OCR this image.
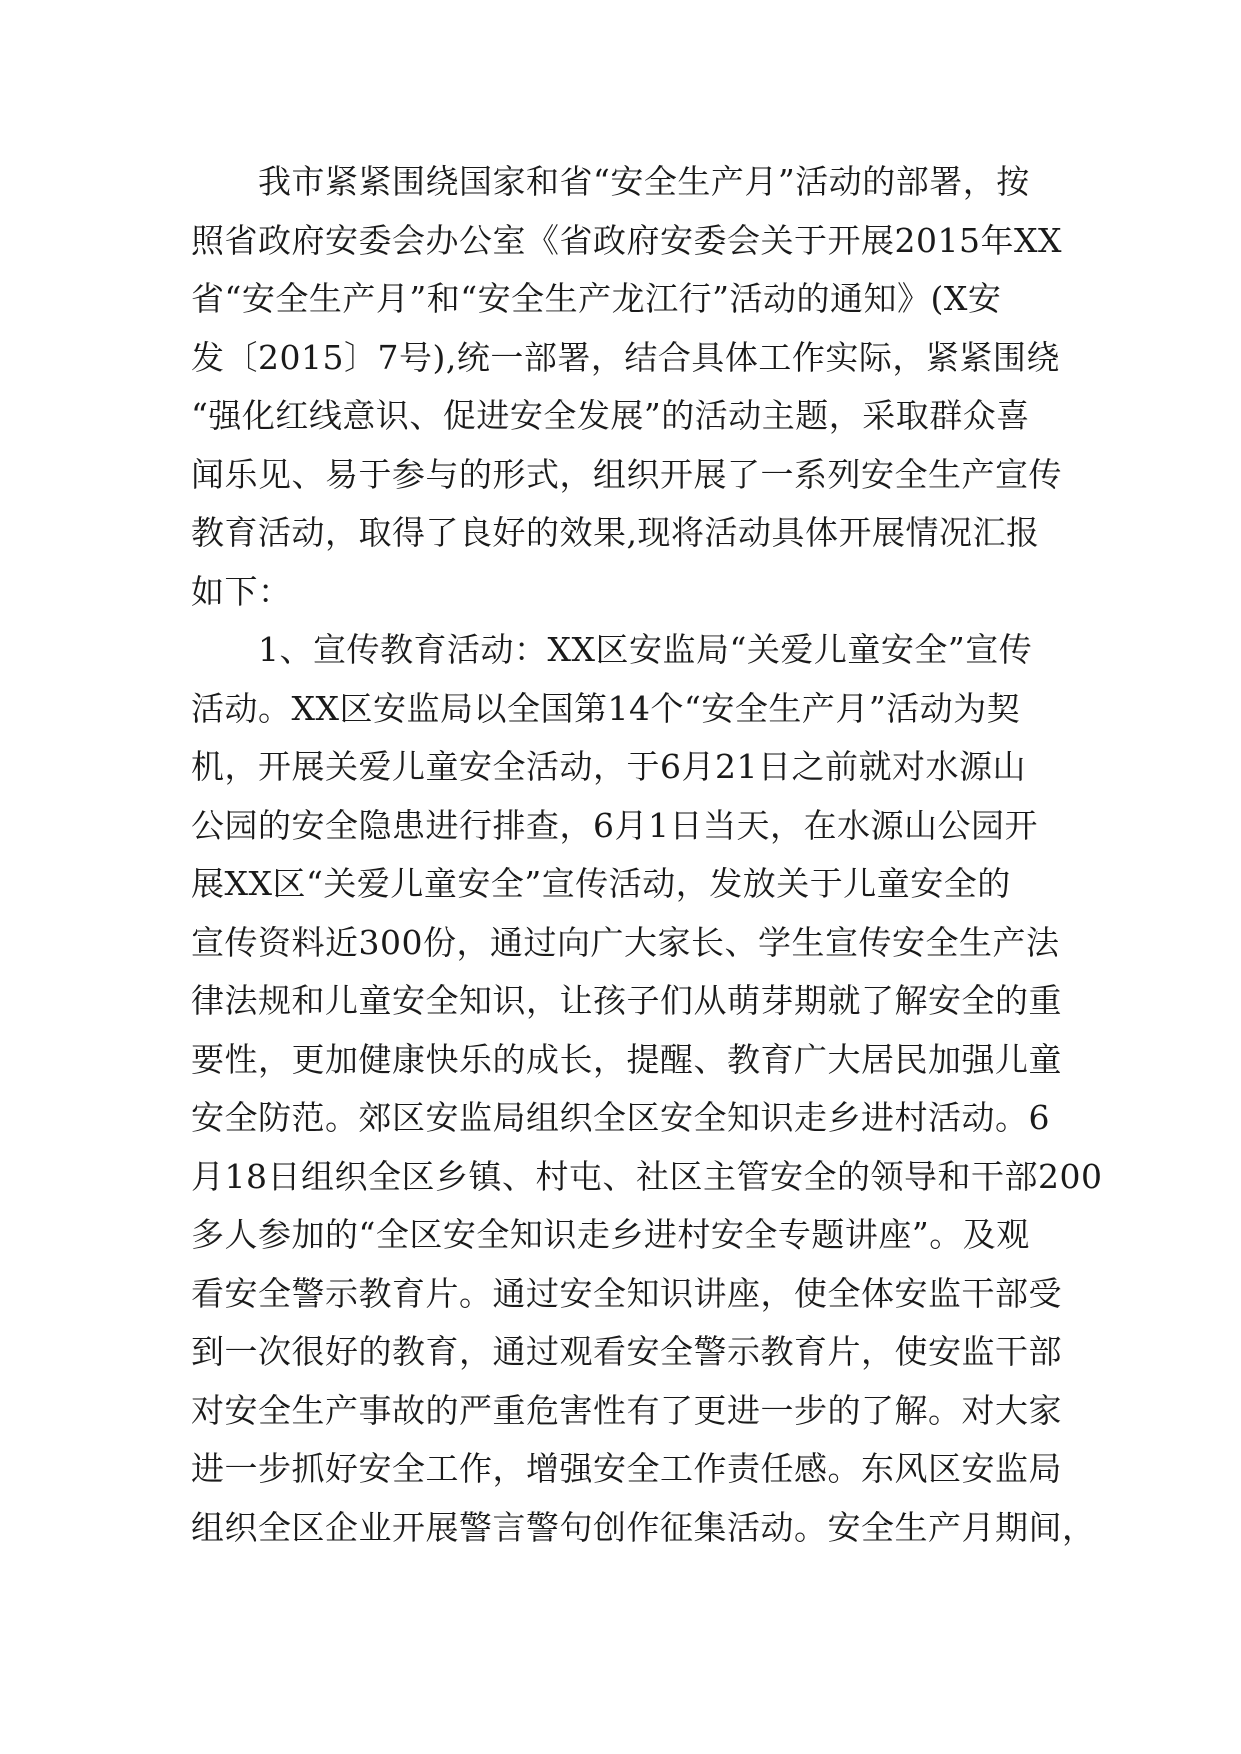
　　我市紧紧围绕国家和省“安全生产月”活动的部署，按
照省政府安委会办公室《省政府安委会关于开展2015年XX
省“安全生产月”和“安全生产龙江行”活动的通知》(X安
发〔2015〕7号),统一部署，结合具体工作实际，紧紧围绕
“强化红线意识、促进安全发展”的活动主题，采取群众喜
闻乐见、易于参与的形式，组织开展了一系列安全生产宣传
教育活动，取得了良好的效果,现将活动具体开展情况汇报
如下：
　　1、宣传教育活动：XX区安监局“关爱儿童安全”宣传
活动。XX区安监局以全国第14个“安全生产月”活动为契
机，开展关爱儿童安全活动，于6月21日之前就对水源山
公园的安全隐患进行排查，6月1日当天，在水源山公园开
展XX区“关爱儿童安全”宣传活动，发放关于儿童安全的
宣传资料近300份，通过向广大家长、学生宣传安全生产法
律法规和儿童安全知识，让孩子们从萌芽期就了解安全的重
要性，更加健康快乐的成长，提醒、教育广大居民加强儿童
安全防范。郊区安监局组织全区安全知识走乡进村活动。6
月18日组织全区乡镇、村屯、社区主管安全的领导和干部200
多人参加的“全区安全知识走乡进村安全专题讲座”。及观
看安全警示教育片。通过安全知识讲座，使全体安监干部受
到一次很好的教育，通过观看安全警示教育片，使安监干部
对安全生产事故的严重危害性有了更进一步的了解。对大家
进一步抓好安全工作，增强安全工作责任感。东风区安监局
组织全区企业开展警言警句创作征集活动。安全生产月期间，
